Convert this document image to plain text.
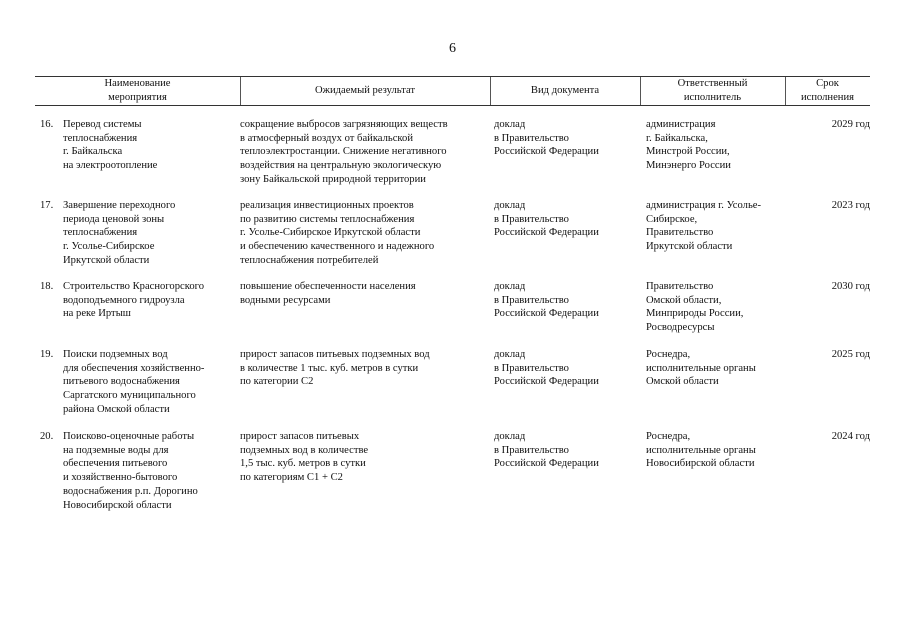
6
Наименование
мероприятия
Ожидаемый результат	Вид документа
Ответственный
исполнитель
Срок
исполнения
16. Перевод системы
теплоснабжения
г. Байкальска
на электроотопление
сокращение выбросов загрязняющих веществ
в атмосферный воздух от байкальской
теплоэлектростанции. Снижение негативного
воздействия на центральную экологическую
зону Байкальской природной территории
доклад
в Правительство
Российской Федерации
администрация
г. Байкальска,
Минстрой России,
Минэнерго России
2029 год
17. Завершение переходного
периода ценовой зоны
теплоснабжения
г. Усолье-Сибирское
Иркутской области
реализация инвестиционных проектов
по развитию системы теплоснабжения
г. Усолье-Сибирское Иркутской области
и обеспечению качественного и надежного
теплоснабжения потребителей
доклад
в Правительство
Российской Федерации
администрация г. Усолье-
Сибирское,
Правительство
Иркутской области
2023 год
18. Строительство Красногорского
водоподъемного гидроузла
на реке Иртыш
повышение обеспеченности населения
водными ресурсами
доклад
в Правительство
Российской Федерации
Правительство
Омской области,
Минприроды России,
Росводресурсы
2030 год
19. Поиски подземных вод
для обеспечения хозяйственно-
питьевого водоснабжения
Саргатского муниципального
района Омской области
прирост запасов питьевых подземных вод
в количестве 1 тыс. куб. метров в сутки
по категории С2
доклад
в Правительство
Российской Федерации
Роснедра,
исполнительные органы
Омской области
2025 год
20. Поисково-оценочные работы
на подземные воды для
обеспечения питьевого
и хозяйственно-бытового
водоснабжения р.п. Дорогино
Новосибирской области
прирост запасов питьевых
подземных вод в количестве
1,5 тыс. куб. метров в сутки
по категориям С1 + С2
доклад
в Правительство
Российской Федерации
Роснедра,
исполнительные органы
Новосибирской области
2024 год
